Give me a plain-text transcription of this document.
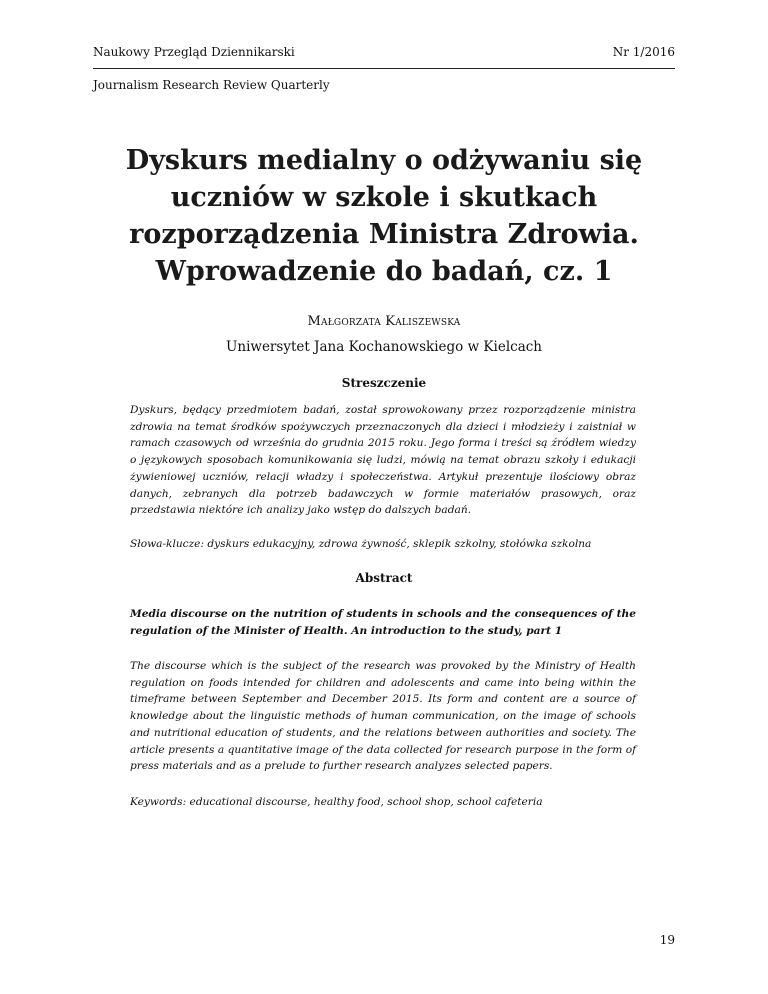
Naukowy Przegląd Dziennikarski	Nr 1/2016
Journalism Research Review Quarterly
Dyskurs medialny o odżywaniu się
uczniów w szkole i skutkach
rozporządzenia Ministra Zdrowia.
Wprowadzenie do badań, cz. 1
Małgorzata Kaliszewska
Uniwersytet Jana Kochanowskiego w Kielcach
Streszczenie

Dyskurs, będący przedmiotem badań, został sprowokowany przez rozporządzenie ministra zdrowia na temat środków spożywczych przeznaczonych dla dzieci i młodzieży i zaistniał w ramach czasowych od września do grudnia 2015 roku. Jego forma i treści są źródłem wiedzy o językowych sposobach komunikowania się ludzi, mówią na temat obrazu szkoły i edukacji żywieniowej uczniów, relacji władzy i społeczeństwa. Artykuł prezentuje ilościowy obraz danych, zebranych dla potrzeb badawczych w formie materiałów prasowych, oraz przedstawia niektóre ich analizy jako wstęp do dalszych badań.

Słowa-klucze: dyskurs edukacyjny, zdrowa żywność, sklepik szkolny, stołówka szkolna

Abstract

Media discourse on the nutrition of students in schools and the consequences of the regulation of the Minister of Health. An introduction to the study, part 1

The discourse which is the subject of the research was provoked by the Ministry of Health regulation on foods intended for children and adolescents and came into being within the timeframe between September and December 2015. Its form and content are a source of knowledge about the linguistic methods of human communication, on the image of schools and nutritional education of students, and the relations between authorities and society. The article presents a quantitative image of the data collected for research purpose in the form of press materials and as a prelude to further research analyzes selected papers.

Keywords: educational discourse, healthy food, school shop, school cafeteria

19
